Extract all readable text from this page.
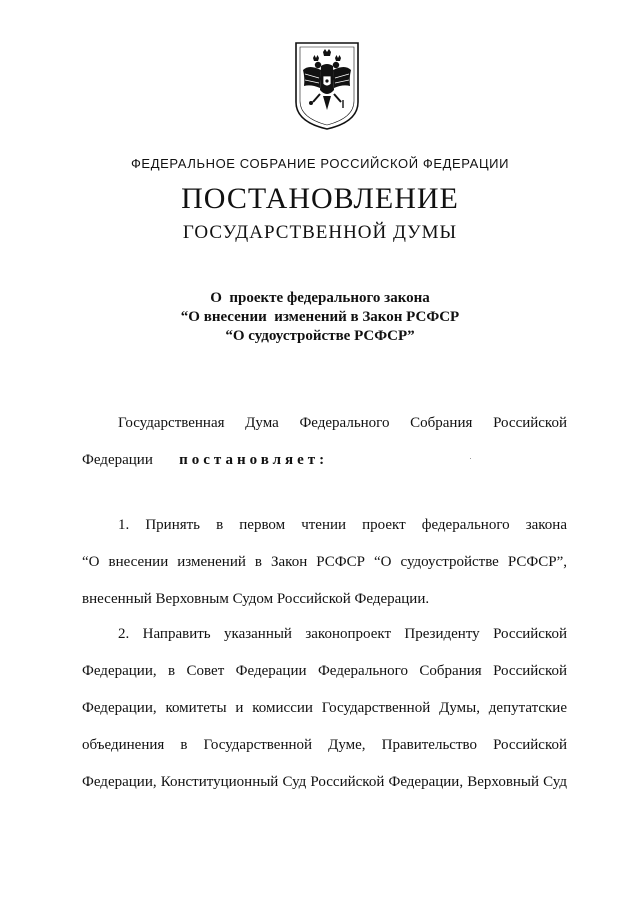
ФЕДЕРАЛЬНОЕ СОБРАНИЕ РОССИЙСКОЙ ФЕДЕРАЦИИ
ПОСТАНОВЛЕНИЕ
ГОСУДАРСТВЕННОЙ ДУМЫ
О  проекте федерального закона
“О внесении  изменений в Закон РСФСР
“О судоустройстве РСФСР”
Государственная Дума Федерального Собрания Российской
Федерации постановляет:
1. Принять в первом чтении проект федерального закона
“О внесении изменений в Закон РСФСР “О судоустройстве РСФСР”,
внесенный Верховным Судом Российской Федерации.
2. Направить указанный законопроект Президенту Российской
Федерации, в Совет Федерации Федерального Собрания Российской
Федерации, комитеты и комиссии Государственной Думы, депутатские
объединения в Государственной Думе, Правительство Российской
Федерации, Конституционный Суд Российской Федерации, Верховный Суд
